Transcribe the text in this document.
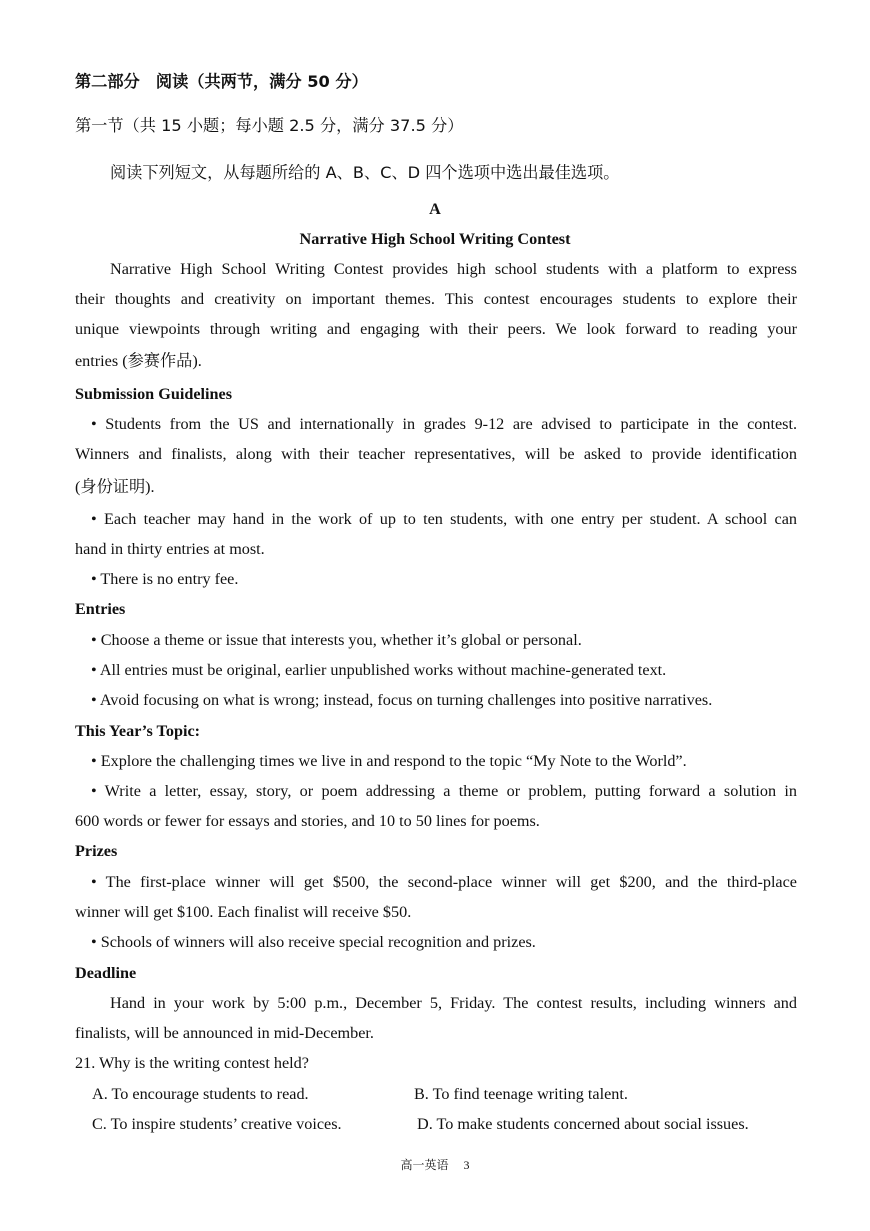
第二部分　阅读（共两节，满分 50 分）
第一节（共 15 小题；每小题 2.5 分，满分 37.5 分）
阅读下列短文，从每题所给的 A、B、C、D 四个选项中选出最佳选项。
A
Narrative High School Writing Contest
Narrative High School Writing Contest provides high school students with a platform to express
their thoughts and creativity on important themes. This contest encourages students to explore their
unique viewpoints through writing and engaging with their peers. We look forward to reading your
entries (参赛作品).
Submission Guidelines
• Students from the US and internationally in grades 9-12 are advised to participate in the contest.
Winners and finalists, along with their teacher representatives, will be asked to provide identification
(身份证明).
• Each teacher may hand in the work of up to ten students, with one entry per student. A school can
hand in thirty entries at most.
• There is no entry fee.
Entries
• Choose a theme or issue that interests you, whether it’s global or personal.
• All entries must be original, earlier unpublished works without machine-generated text.
• Avoid focusing on what is wrong; instead, focus on turning challenges into positive narratives.
This Year’s Topic:
• Explore the challenging times we live in and respond to the topic “My Note to the World”.
• Write a letter, essay, story, or poem addressing a theme or problem, putting forward a solution in
600 words or fewer for essays and stories, and 10 to 50 lines for poems.
Prizes
• The first-place winner will get $500, the second-place winner will get $200, and the third-place
winner will get $100. Each finalist will receive $50.
• Schools of winners will also receive special recognition and prizes.
Deadline
Hand in your work by 5:00 p.m., December 5, Friday. The contest results, including winners and
finalists, will be announced in mid-December.
21. Why is the writing contest held?
A. To encourage students to read.	B. To find teenage writing talent.
C. To inspire students’ creative voices.	D. To make students concerned about social issues.
高一英语 3
